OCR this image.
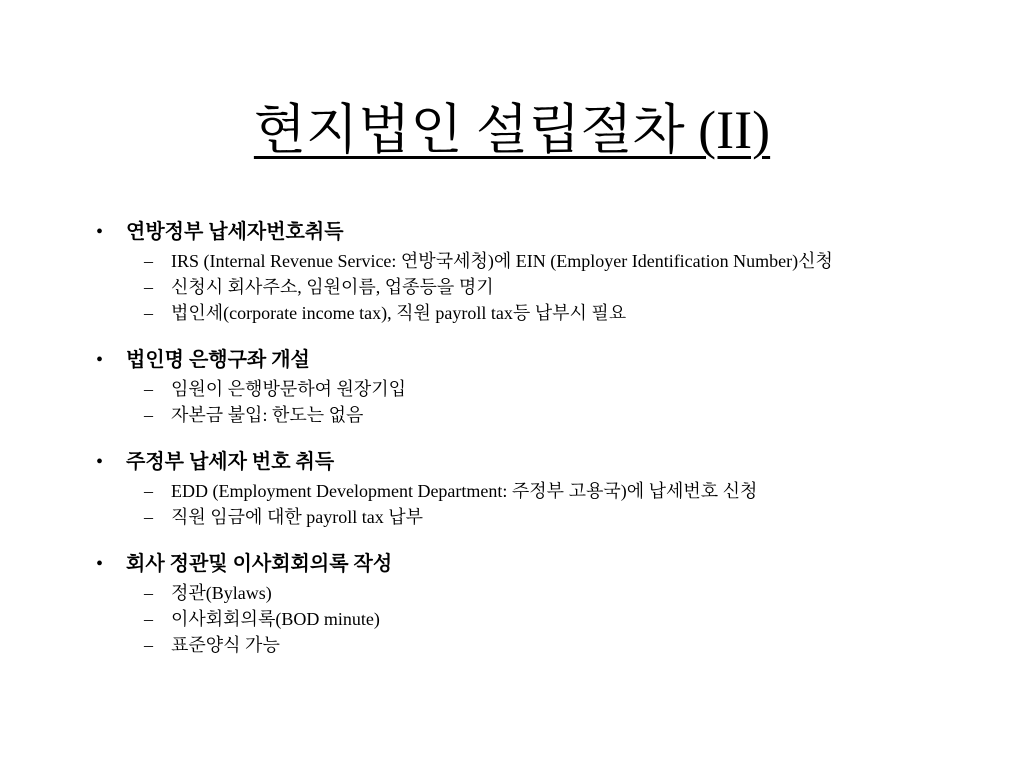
현지법인 설립절차 (II)
•	연방정부 납세자번호취득
–	IRS (Internal Revenue Service: 연방국세청)에 EIN (Employer Identification Number)신청
–	신청시 회사주소, 임원이름, 업종등을 명기
–	법인세(corporate income tax), 직원 payroll tax등 납부시 필요
•	법인명 은행구좌 개설
–	임원이 은행방문하여 원장기입
–	자본금 불입: 한도는 없음
•	주정부 납세자 번호 취득
–	EDD (Employment Development Department: 주정부 고용국)에 납세번호 신청
–	직원 임금에 대한 payroll tax 납부
•	회사 정관및 이사회회의록 작성
–	정관(Bylaws)
–	이사회회의록(BOD minute)
–	표준양식 가능
